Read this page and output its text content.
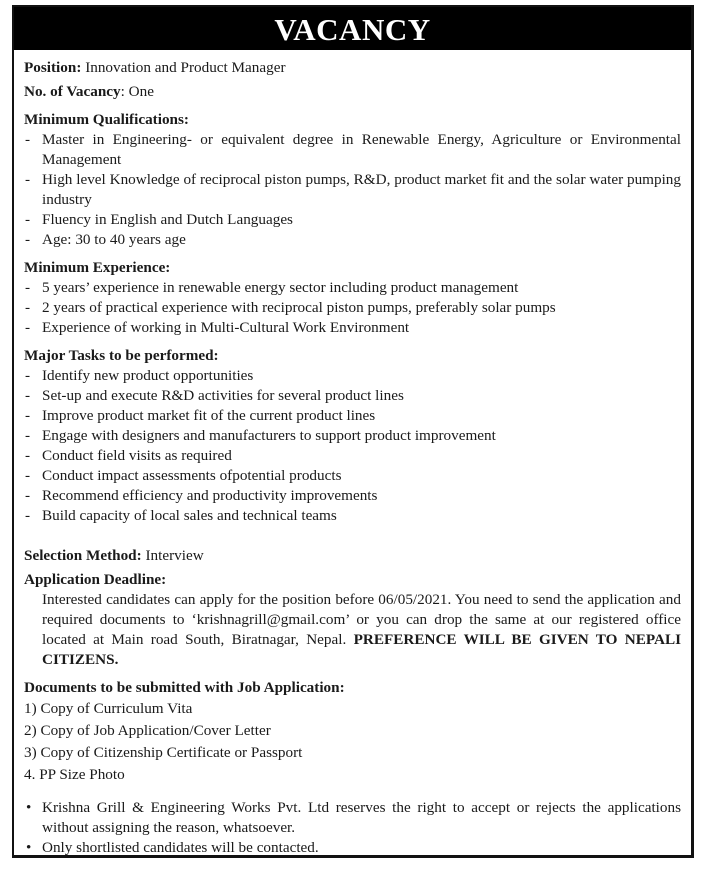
VACANCY
Position: Innovation and Product Manager
No. of Vacancy: One
Minimum Qualifications:
- Master in Engineering- or equivalent degree in Renewable Energy, Agriculture or Environmental Management
- High level Knowledge of reciprocal piston pumps, R&D, product market fit and the solar water pumping industry
- Fluency in English and Dutch Languages
- Age: 30 to 40 years age
Minimum Experience:
- 5 years’ experience in renewable energy sector including product management
- 2 years of practical experience with reciprocal piston pumps, preferably solar pumps
- Experience of working in Multi-Cultural Work Environment
Major Tasks to be performed:
- Identify new product opportunities
- Set-up and execute R&D activities for several product lines
- Improve product market fit of the current product lines
- Engage with designers and manufacturers to support product improvement
- Conduct field visits as required
- Conduct impact assessments ofpotential products
- Recommend efficiency and productivity improvements
- Build capacity of local sales and technical teams
Selection Method: Interview
Application Deadline:
Interested candidates can apply for the position before 06/05/2021. You need to send the application and required documents to ‘krishnagrill@gmail.com’ or you can drop the same at our registered office located at Main road South, Biratnagar, Nepal. PREFERENCE WILL BE GIVEN TO NEPALI CITIZENS.
Documents to be submitted with Job Application:
1) Copy of Curriculum Vita
2) Copy of Job Application/Cover Letter
3) Copy of Citizenship Certificate or Passport
4. PP Size Photo
• Krishna Grill & Engineering Works Pvt. Ltd reserves the right to accept or rejects the applications without assigning the reason, whatsoever.
• Only shortlisted candidates will be contacted.
